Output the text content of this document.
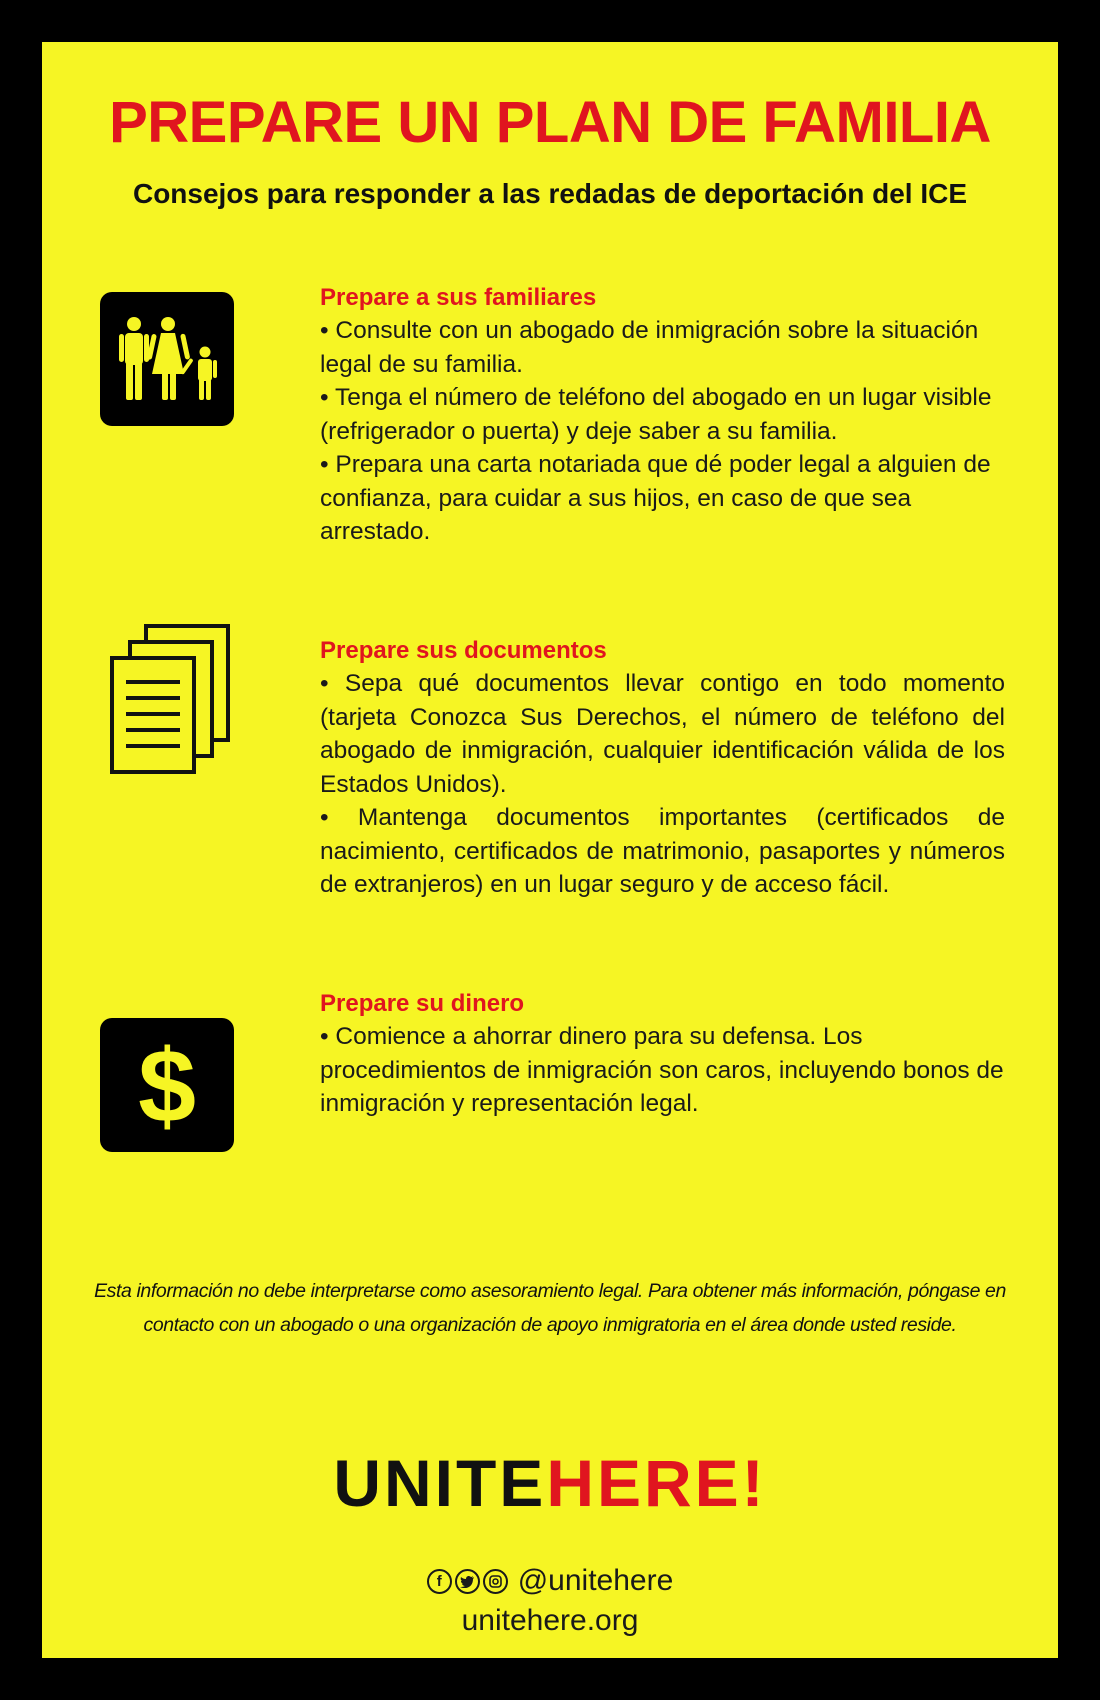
PREPARE UN PLAN DE FAMILIA
Consejos para responder a las redadas de deportación del ICE
Prepare a sus familiares

• Consulte con un abogado de inmigración sobre la situación legal de su familia.

• Tenga el número de teléfono del abogado en un lugar visible (refrigerador o puerta) y deje saber a su familia.

• Prepara una carta notariada que dé poder legal a alguien de confianza, para cuidar a sus hijos, en caso de que sea arrestado.

Prepare sus documentos

• Sepa qué documentos llevar contigo en todo momento (tarjeta Conozca Sus Derechos, el número de teléfono del abogado de inmigración, cualquier identificación válida de los Estados Unidos).

• Mantenga documentos importantes (certificados de nacimiento, certificados de matrimonio, pasaportes y números de extranjeros) en un lugar seguro y de acceso fácil.

$
Prepare su dinero

• Comience a ahorrar dinero para su defensa. Los procedimientos de inmigración son caros, incluyendo bonos de inmigración y representación legal.

Esta información no debe interpretarse como asesoramiento legal. Para obtener más información, póngase en
contacto con un abogado o una organización de apoyo inmigratoria en el área donde usted reside.
UNITEHERE!
f	@unitehere
unitehere.org
